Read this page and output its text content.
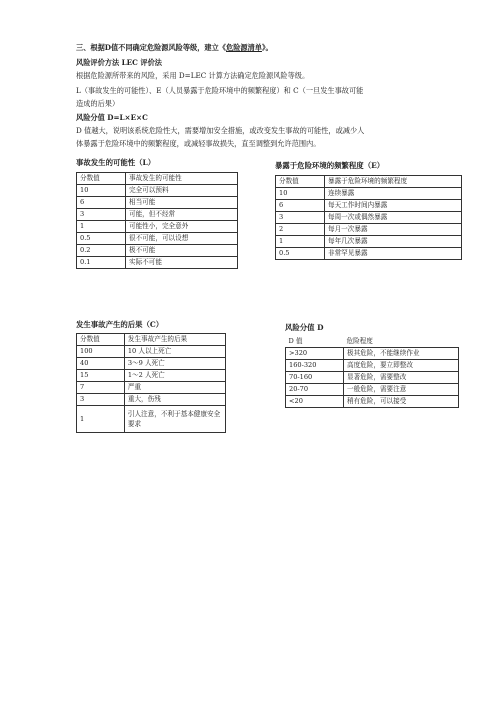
三、根据D值不同确定危险源风险等级，建立《危险源清单》。
风险评价方法 LEC 评价法
根据危险源所带来的风险，采用 D=LEC 计算方法确定危险源风险等级。
L（事故发生的可能性）、E（人员暴露于危险环境中的频繁程度）和 C（一旦发生事故可能
造成的后果）
风险分值 D=L×E×C
D 值越大，说明该系统危险性大，需要增加安全措施，或改变发生事故的可能性，或减少人
体暴露于危险环境中的频繁程度，或减轻事故损失，直至调整到允许范围内。
事故发生的可能性（L）
分数值	事故发生的可能性
10	完全可以预料
6	相当可能
3	可能，但不经常
1	可能性小，完全意外
0.5	很不可能，可以设想
0.2	极不可能
0.1	实际不可能
暴露于危险环境的频繁程度（E）
分数值	暴露于危险环境的频繁程度
10	连续暴露
6	每天工作时间内暴露
3	每周一次或偶然暴露
2	每月一次暴露
1	每年几次暴露
0.5	非常罕见暴露
发生事故产生的后果（C）
分数值	发生事故产生的后果
100	10 人以上死亡
40	3～9 人死亡
15	1～2 人死亡
7	严重
3	重大，伤残
1	引人注意，不利于基本健康安全要求
风险分值 D
D 值	危险程度
>320	极其危险，不能继续作业
160-320	高度危险，要立即整改
70-160	显著危险，需要整改
20-70	一般危险，需要注意
<20	稍有危险，可以接受
